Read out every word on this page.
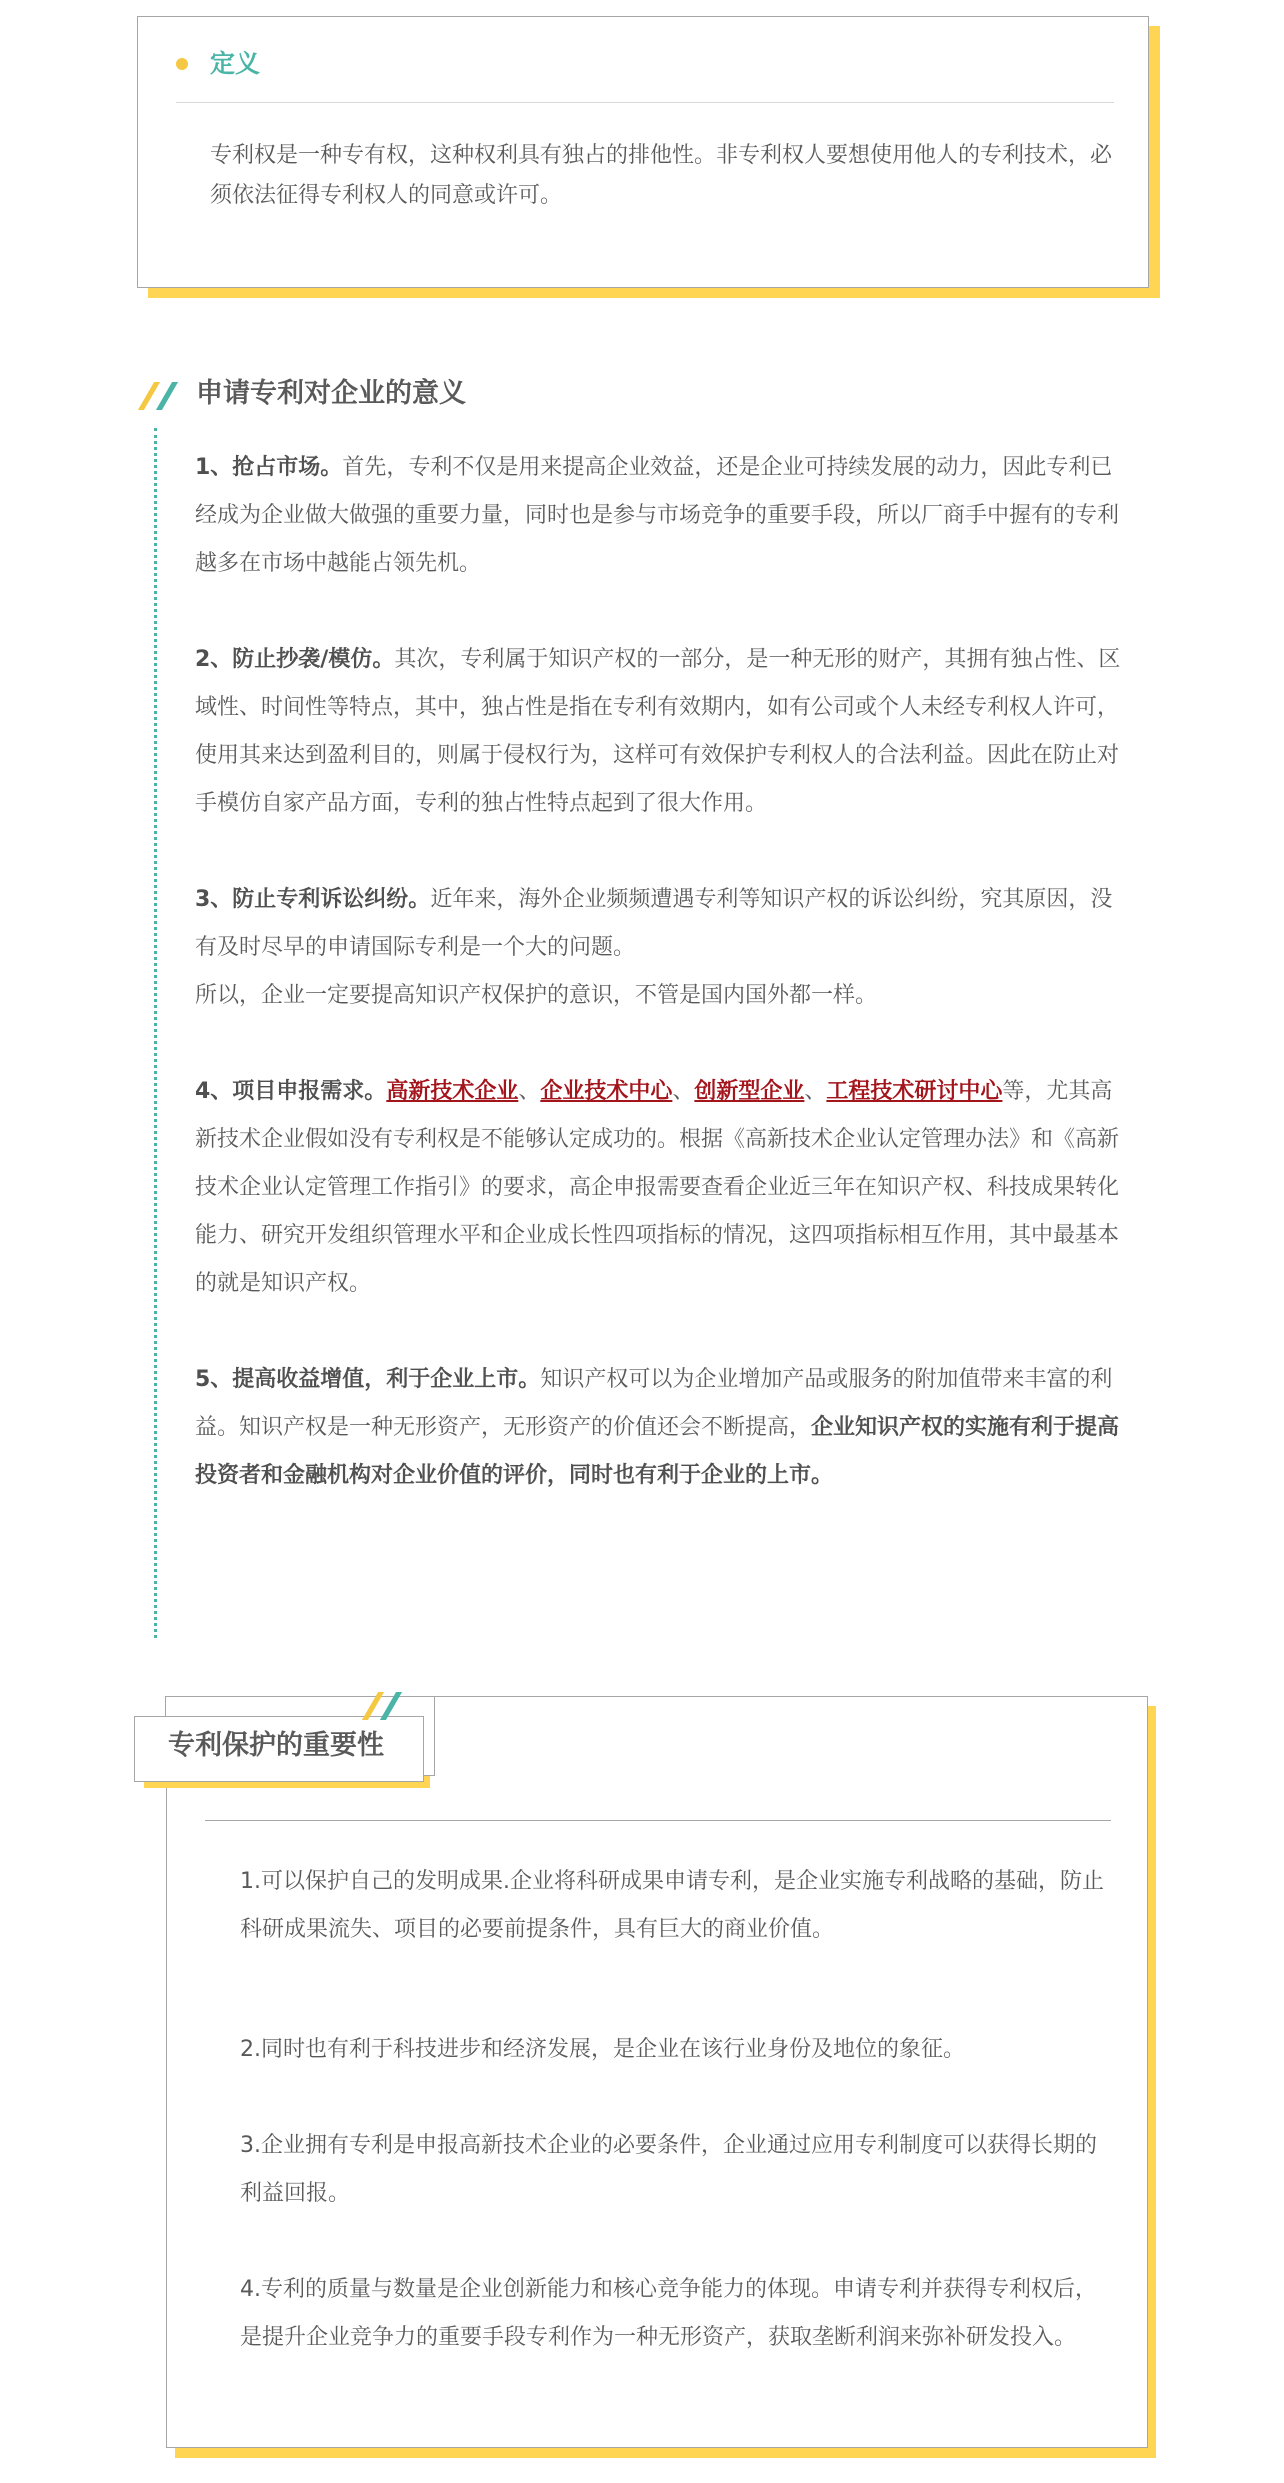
定义
专利权是一种专有权，这种权利具有独占的排他性。非专利权人要想使用他人的专利技术，必须依法征得专利权人的同意或许可。
申请专利对企业的意义

1、抢占市场。首先，专利不仅是用来提高企业效益，还是企业可持续发展的动力，因此专利已经成为企业做大做强的重要力量，同时也是参与市场竞争的重要手段，所以厂商手中握有的专利越多在市场中越能占领先机。

2、防止抄袭/模仿。其次，专利属于知识产权的一部分，是一种无形的财产，其拥有独占性、区域性、时间性等特点，其中，独占性是指在专利有效期内，如有公司或个人未经专利权人许可，使用其来达到盈利目的，则属于侵权行为，这样可有效保护专利权人的合法利益。因此在防止对手模仿自家产品方面，专利的独占性特点起到了很大作用。

3、防止专利诉讼纠纷。近年来，海外企业频频遭遇专利等知识产权的诉讼纠纷，究其原因，没有及时尽早的申请国际专利是一个大的问题。

所以，企业一定要提高知识产权保护的意识，不管是国内国外都一样。

4、项目申报需求。高新技术企业、企业技术中心、创新型企业、工程技术研讨中心等，尤其高新技术企业假如没有专利权是不能够认定成功的。根据《高新技术企业认定管理办法》和《高新技术企业认定管理工作指引》的要求，高企申报需要查看企业近三年在知识产权、科技成果转化能力、研究开发组织管理水平和企业成长性四项指标的情况，这四项指标相互作用，其中最基本的就是知识产权。

5、提高收益增值，利于企业上市。知识产权可以为企业增加产品或服务的附加值带来丰富的利益。知识产权是一种无形资产，无形资产的价值还会不断提高，企业知识产权的实施有利于提高投资者和金融机构对企业价值的评价，同时也有利于企业的上市。

专利保护的重要性

1.可以保护自己的发明成果.企业将科研成果申请专利，是企业实施专利战略的基础，防止科研成果流失、项目的必要前提条件，具有巨大的商业价值。

2.同时也有利于科技进步和经济发展，是企业在该行业身份及地位的象征。

3.企业拥有专利是申报高新技术企业的必要条件，企业通过应用专利制度可以获得长期的利益回报。

4.专利的质量与数量是企业创新能力和核心竞争能力的体现。申请专利并获得专利权后，是提升企业竞争力的重要手段专利作为一种无形资产，获取垄断利润来弥补研发投入。
